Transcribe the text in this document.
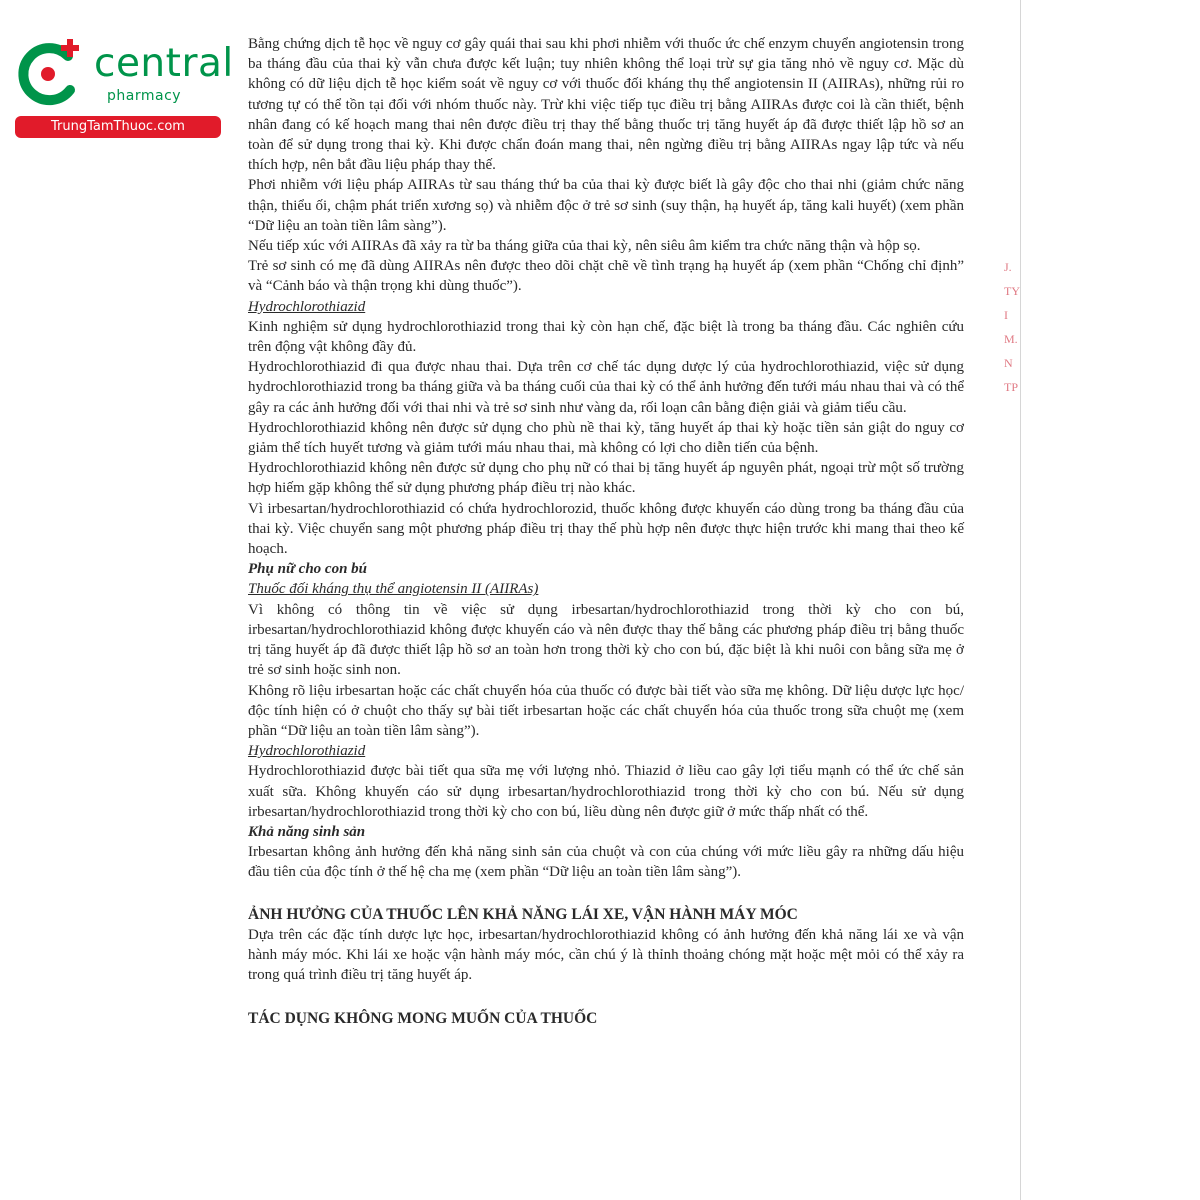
central
pharmacy
TrungTamThuoc.com

Bằng chứng dịch tễ học về nguy cơ gây quái thai sau khi phơi nhiễm với thuốc ức chế enzym chuyển angiotensin trong ba tháng đầu của thai kỳ vẫn chưa được kết luận; tuy nhiên không thể loại trừ sự gia tăng nhỏ về nguy cơ. Mặc dù không có dữ liệu dịch tễ học kiểm soát về nguy cơ với thuốc đối kháng thụ thể angiotensin II (AIIRAs), những rủi ro tương tự có thể tồn tại đối với nhóm thuốc này. Trừ khi việc tiếp tục điều trị bằng AIIRAs được coi là cần thiết, bệnh nhân đang có kế hoạch mang thai nên được điều trị thay thế bằng thuốc trị tăng huyết áp đã được thiết lập hồ sơ an toàn để sử dụng trong thai kỳ. Khi được chẩn đoán mang thai, nên ngừng điều trị bằng AIIRAs ngay lập tức và nếu thích hợp, nên bắt đầu liệu pháp thay thế.

Phơi nhiễm với liệu pháp AIIRAs từ sau tháng thứ ba của thai kỳ được biết là gây độc cho thai nhi (giảm chức năng thận, thiểu ối, chậm phát triển xương sọ) và nhiễm độc ở trẻ sơ sinh (suy thận, hạ huyết áp, tăng kali huyết) (xem phần “Dữ liệu an toàn tiền lâm sàng”).

Nếu tiếp xúc với AIIRAs đã xảy ra từ ba tháng giữa của thai kỳ, nên siêu âm kiểm tra chức năng thận và hộp sọ.

Trẻ sơ sinh có mẹ đã dùng AIIRAs nên được theo dõi chặt chẽ về tình trạng hạ huyết áp (xem phần “Chống chỉ định” và “Cảnh báo và thận trọng khi dùng thuốc”).

Hydrochlorothiazid

Kinh nghiệm sử dụng hydrochlorothiazid trong thai kỳ còn hạn chế, đặc biệt là trong ba tháng đầu. Các nghiên cứu trên động vật không đầy đủ.

Hydrochlorothiazid đi qua được nhau thai. Dựa trên cơ chế tác dụng dược lý của hydrochlorothiazid, việc sử dụng hydrochlorothiazid trong ba tháng giữa và ba tháng cuối của thai kỳ có thể ảnh hưởng đến tưới máu nhau thai và có thể gây ra các ảnh hưởng đối với thai nhi và trẻ sơ sinh như vàng da, rối loạn cân bằng điện giải và giảm tiểu cầu.

Hydrochlorothiazid không nên được sử dụng cho phù nề thai kỳ, tăng huyết áp thai kỳ hoặc tiền sản giật do nguy cơ giảm thể tích huyết tương và giảm tưới máu nhau thai, mà không có lợi cho diễn tiến của bệnh.

Hydrochlorothiazid không nên được sử dụng cho phụ nữ có thai bị tăng huyết áp nguyên phát, ngoại trừ một số trường hợp hiếm gặp không thể sử dụng phương pháp điều trị nào khác.

Vì irbesartan/hydrochlorothiazid có chứa hydrochlorozid, thuốc không được khuyến cáo dùng trong ba tháng đầu của thai kỳ. Việc chuyển sang một phương pháp điều trị thay thế phù hợp nên được thực hiện trước khi mang thai theo kế hoạch.

Phụ nữ cho con bú

Thuốc đối kháng thụ thể angiotensin II (AIIRAs)

Vì không có thông tin về việc sử dụng irbesartan/hydrochlorothiazid trong thời kỳ cho con bú, irbesartan/hydrochlorothiazid không được khuyến cáo và nên được thay thế bằng các phương pháp điều trị bằng thuốc trị tăng huyết áp đã được thiết lập hồ sơ an toàn hơn trong thời kỳ cho con bú, đặc biệt là khi nuôi con bằng sữa mẹ ở trẻ sơ sinh hoặc sinh non.

Không rõ liệu irbesartan hoặc các chất chuyển hóa của thuốc có được bài tiết vào sữa mẹ không. Dữ liệu dược lực học/ độc tính hiện có ở chuột cho thấy sự bài tiết irbesartan hoặc các chất chuyển hóa của thuốc trong sữa chuột mẹ (xem phần “Dữ liệu an toàn tiền lâm sàng”).

Hydrochlorothiazid

Hydrochlorothiazid được bài tiết qua sữa mẹ với lượng nhỏ. Thiazid ở liều cao gây lợi tiểu mạnh có thể ức chế sản xuất sữa. Không khuyến cáo sử dụng irbesartan/hydrochlorothiazid trong thời kỳ cho con bú. Nếu sử dụng irbesartan/hydrochlorothiazid trong thời kỳ cho con bú, liều dùng nên được giữ ở mức thấp nhất có thể.

Khả năng sinh sản

Irbesartan không ảnh hưởng đến khả năng sinh sản của chuột và con của chúng với mức liều gây ra những dấu hiệu đầu tiên của độc tính ở thế hệ cha mẹ (xem phần “Dữ liệu an toàn tiền lâm sàng”).

ẢNH HƯỞNG CỦA THUỐC LÊN KHẢ NĂNG LÁI XE, VẬN HÀNH MÁY MÓC

Dựa trên các đặc tính dược lực học, irbesartan/hydrochlorothiazid không có ảnh hưởng đến khả năng lái xe và vận hành máy móc. Khi lái xe hoặc vận hành máy móc, cần chú ý là thỉnh thoảng chóng mặt hoặc mệt mỏi có thể xảy ra trong quá trình điều trị tăng huyết áp.

TÁC DỤNG KHÔNG MONG MUỐN CỦA THUỐC

J.
TY
I
M.
N
TP
